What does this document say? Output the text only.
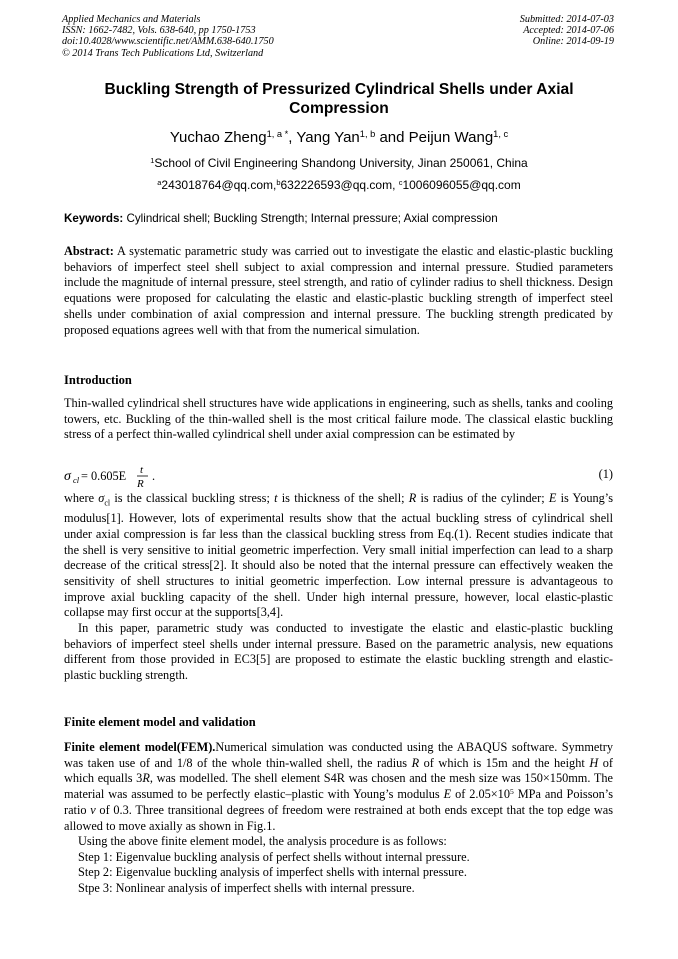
Applied Mechanics and Materials
ISSN: 1662-7482, Vols. 638-640, pp 1750-1753
doi:10.4028/www.scientific.net/AMM.638-640.1750
© 2014 Trans Tech Publications Ltd, Switzerland
Submitted: 2014-07-03
Accepted: 2014-07-06
Online: 2014-09-19
Buckling Strength of Pressurized Cylindrical Shells under Axial Compression
Yuchao Zheng$^{1, a *}$, Yang Yan$^{1, b}$ and Peijun Wang$^{1, c}$
$^1$School of Civil Engineering Shandong University, Jinan 250061, China
$^a$243018764@qq.com,$^b$632226593@qq.com, $^c$1006096055@qq.com
Keywords: Cylindrical shell; Buckling Strength; Internal pressure; Axial compression

Abstract: A systematic parametric study was carried out to investigate the elastic and elastic-plastic buckling behaviors of imperfect steel shell subject to axial compression and internal pressure. Studied parameters include the magnitude of internal pressure, steel strength, and ratio of cylinder radius to shell thickness. Design equations were proposed for calculating the elastic and elastic-plastic buckling strength of imperfect steel shells under combination of axial compression and internal pressure. The buckling strength predicated by proposed equations agrees well with that from the numerical simulation.

Introduction

Thin-walled cylindrical shell structures have wide applications in engineering, such as shells, tanks and cooling towers, etc. Buckling of the thin-walled shell is the most critical failure mode. The classical elastic buckling stress of a perfect thin-walled cylindrical shell under axial compression can be estimated by

σ cl = 0.605E t
R
.	(1)

where $\sigma_{cl}$ is the classical buckling stress; t is thickness of the shell; R is radius of the cylinder; E is Young’s modulus[1]. However, lots of experimental results show that the actual buckling stress of cylindrical shell under axial compression is far less than the classical buckling stress from Eq.(1). Recent studies indicate that the shell is very sensitive to initial geometric imperfection. Very small initial imperfection can lead to a sharp decrease of the critical stress[2]. It should also be noted that the internal pressure can effectively weaken the sensitivity of shell structures to initial geometric imperfection. Low internal pressure is advantageous to improve axial buckling capacity of the shell. Under high internal pressure, however, local elastic-plastic collapse may first occur at the supports[3,4].

In this paper, parametric study was conducted to investigate the elastic and elastic-plastic buckling behaviors of imperfect steel shells under internal pressure. Based on the parametric analysis, new equations different from those provided in EC3[5] are proposed to estimate the elastic buckling strength and elastic-plastic buckling strength.

Finite element model and validation

Finite element model(FEM).Numerical simulation was conducted using the ABAQUS software. Symmetry was taken use of and 1/8 of the whole thin-walled shell, the radius R of which is 15m and the height H of which equalls 3R, was modelled. The shell element S4R was chosen and the mesh size was 150×150mm. The material was assumed to be perfectly elastic–plastic with Young’s modulus E of $2.05\times 10^5$ MPa and Poisson’s ratio ν of 0.3. Three transitional degrees of freedom were restrained at both ends except that the top edge was allowed to move axially as shown in Fig.1.

Using the above finite element model, the analysis procedure is as follows:
Step 1: Eigenvalue buckling analysis of perfect shells without internal pressure.
Step 2: Eigenvalue buckling analysis of imperfect shells with internal pressure.
Stpe 3: Nonlinear analysis of imperfect shells with internal pressure.
